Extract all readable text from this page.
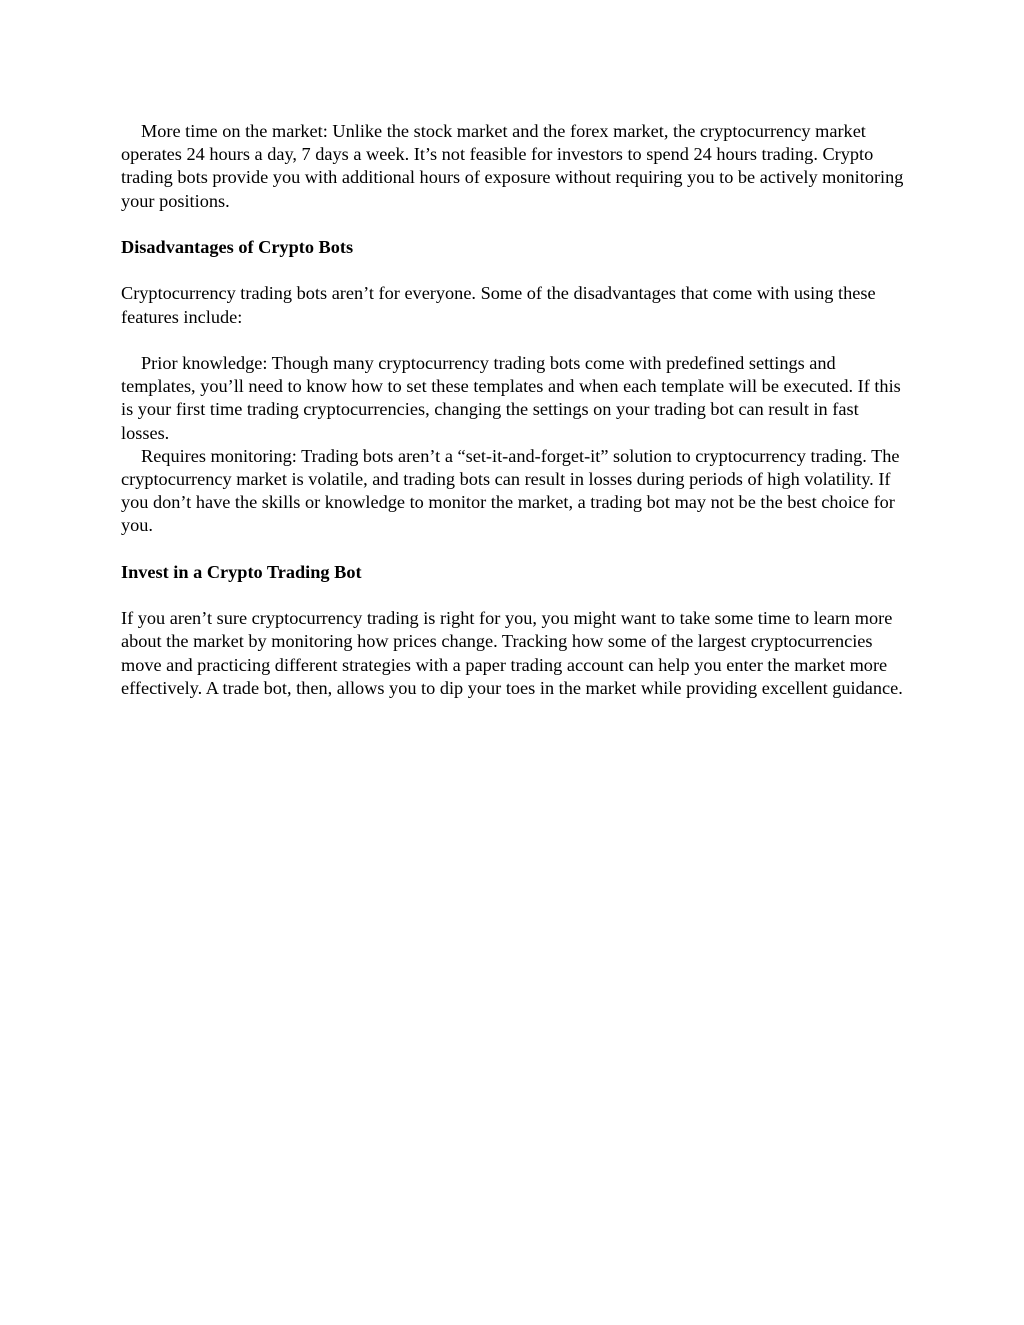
More time on the market: Unlike the stock market and the forex market, the cryptocurrency market operates 24 hours a day, 7 days a week. It’s not feasible for investors to spend 24 hours trading. Crypto trading bots provide you with additional hours of exposure without requiring you to be actively monitoring your positions.

Disadvantages of Crypto Bots

Cryptocurrency trading bots aren’t for everyone. Some of the disadvantages that come with using these features include:

Prior knowledge: Though many cryptocurrency trading bots come with predefined settings and templates, you’ll need to know how to set these templates and when each template will be executed. If this is your first time trading cryptocurrencies, changing the settings on your trading bot can result in fast losses.

Requires monitoring: Trading bots aren’t a “set-it-and-forget-it” solution to cryptocurrency trading. The cryptocurrency market is volatile, and trading bots can result in losses during periods of high volatility. If you don’t have the skills or knowledge to monitor the market, a trading bot may not be the best choice for you.

Invest in a Crypto Trading Bot

If you aren’t sure cryptocurrency trading is right for you, you might want to take some time to learn more about the market by monitoring how prices change. Tracking how some of the largest cryptocurrencies move and practicing different strategies with a paper trading account can help you enter the market more effectively. A trade bot, then, allows you to dip your toes in the market while providing excellent guidance.
